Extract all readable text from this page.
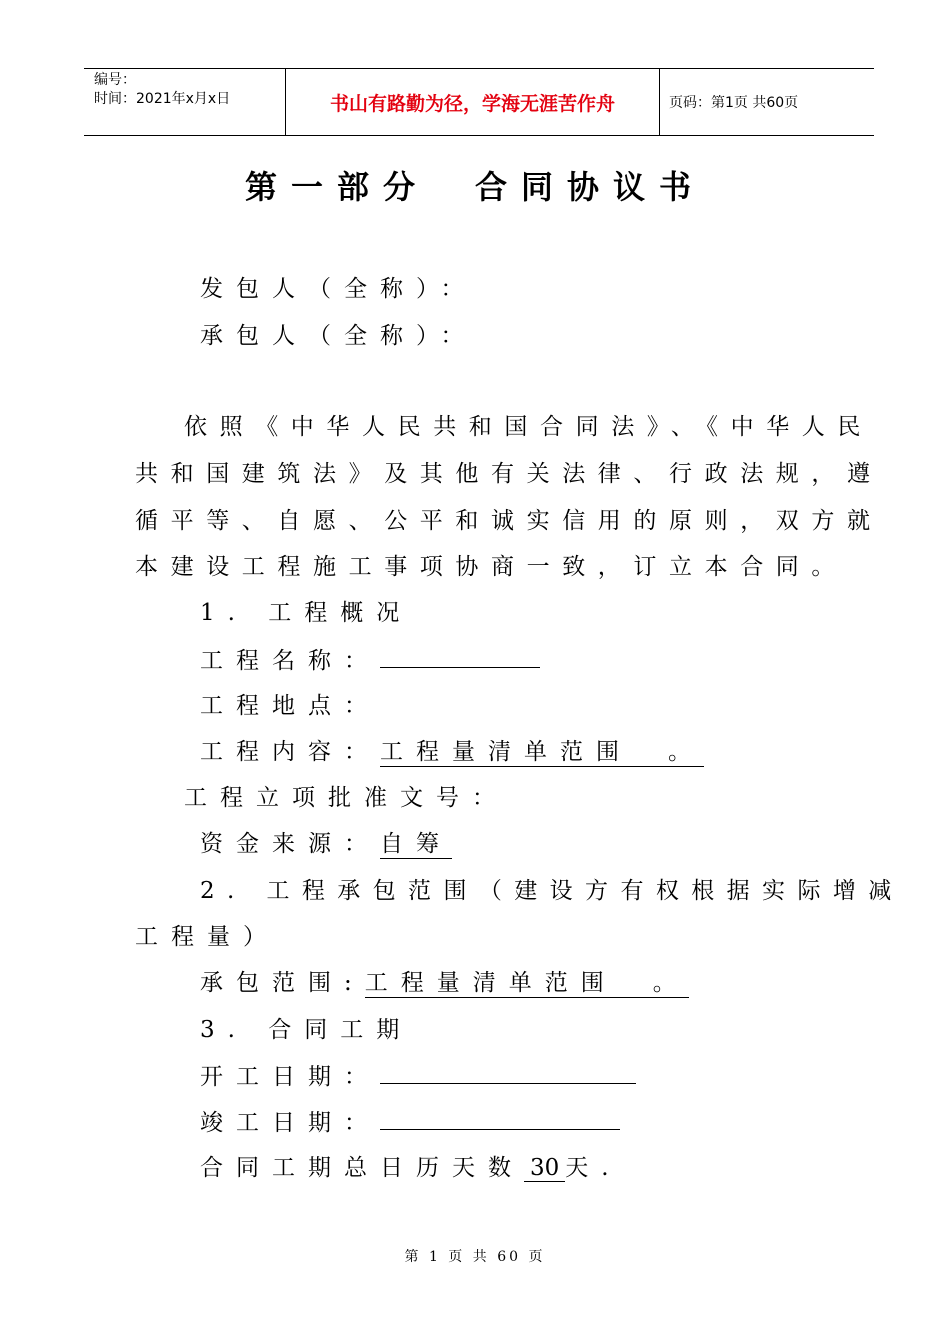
编号：
时间：2021年x月x日	书山有路勤为径，学海无涯苦作舟	页码：第1页 共60页
第一部分　合同协议书
发包人（全称）：
承包人（全称）：
依照《中华人民共和国合同法》、《中华人民
共和国建筑法》及其他有关法律、行政法规，遵
循平等、自愿、公平和诚实信用的原则，双方就
本建设工程施工事项协商一致，订立本合同。
1. 工程概况
工程名称：
工程地点：
工程内容：工程量清单范围　。
工程立项批准文号：
资金来源：自筹
2. 工程承包范围（建设方有权根据实际增减
工程量）
承包范围:工程量清单范围　。
3. 合同工期
开工日期：
竣工日期：
合同工期总日历天数 30 天.
第 1 页 共 60 页
